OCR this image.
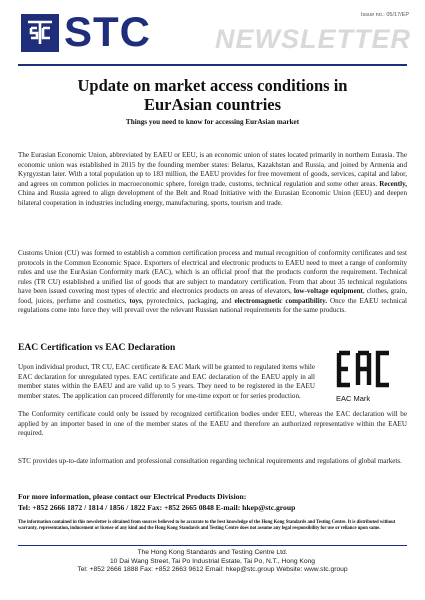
STC	Issue no.: 05/17/EP
NEWSLETTER
Update on market access conditions in
EurAsian countries
Things you need to know for accessing EurAsian market
The Eurasian Economic Union, abbreviated by EAEU or EEU, is an economic union of states located primarily in northern Eurasia. The economic union was established in 2015 by the founding member states: Belarus, Kazakhstan and Russia, and joined by Armenia and Kyrgyzstan later. With a total population up to 183 million, the EAEU provides for free movement of goods, services, capital and labor, and agrees on common policies in macroeconomic sphere, foreign trade, customs, technical regulation and some other areas. Recently, China and Russia agreed to align development of the Belt and Road Initiative with the Eurasian Economic Union (EEU) and deepen bilateral cooperation in industries including energy, manufacturing, sports, tourism and trade.
Customs Union (CU) was formed to establish a common certification process and mutual recognition of conformity certificates and test protocols in the Common Economic Space. Exporters of electrical and electronic products to EAEU need to meet a range of conformity rules and use the EurAsian Conformity mark (EAC), which is an official proof that the products conform the requirement. Technical rules (TR CU) established a unified list of goods that are subject to mandatory certification. From that about 35 technical regulations have been issued covering most types of electric and electronics products on areas of elevators, low-voltage equipment, clothes, grain, food, juices, perfume and cosmetics, toys, pyrotechnics, packaging, and electromagnetic compatibility. Once the EAEU technical regulations come into force they will prevail over the relevant Russian national requirements for the same products.
EAC Certification vs EAC Declaration
Upon individual product, TR CU, EAC certificate & EAC Mark will be granted to regulated items while EAC declaration for unregulated types. EAC certificate and EAC declaration of the EAEU apply in all member states within the EAEU and are valid up to 5 years. They need to be registered in the EAEU member states. The application can proceed differently for one-time export or for series production.
The Conformity certificate could only be issued by recognized certification bodies under EEU, whereas the EAC declaration will be applied by an importer based in one of the member states of the EAEU and therefore an authorized representative within the EAEU required.
EAC Mark
STC provides up-to-date information and professional consultation regarding technical requirements and regulations of global markets.
For more information, please contact our Electrical Products Division:
Tel: +852 2666 1872 / 1814 / 1856 / 1822 Fax: +852 2665 0848 E-mail: hkep@stc.group
The information contained in this newsletter is obtained from sources believed to be accurate to the best knowledge of the Hong Kong Standards and Testing Centre. It is distributed without warranty, representation, inducement or license of any kind and the Hong Kong Standards and Testing Centre does not assume any legal responsibility for use or reliance upon same.
The Hong Kong Standards and Testing Centre Ltd.
10 Dai Wang Street, Tai Po Industrial Estate, Tai Po, N.T., Hong Kong
Tel: +852 2666 1888 Fax: +852 2663 9612 Email: hkep@stc.group Website: www.stc.group
